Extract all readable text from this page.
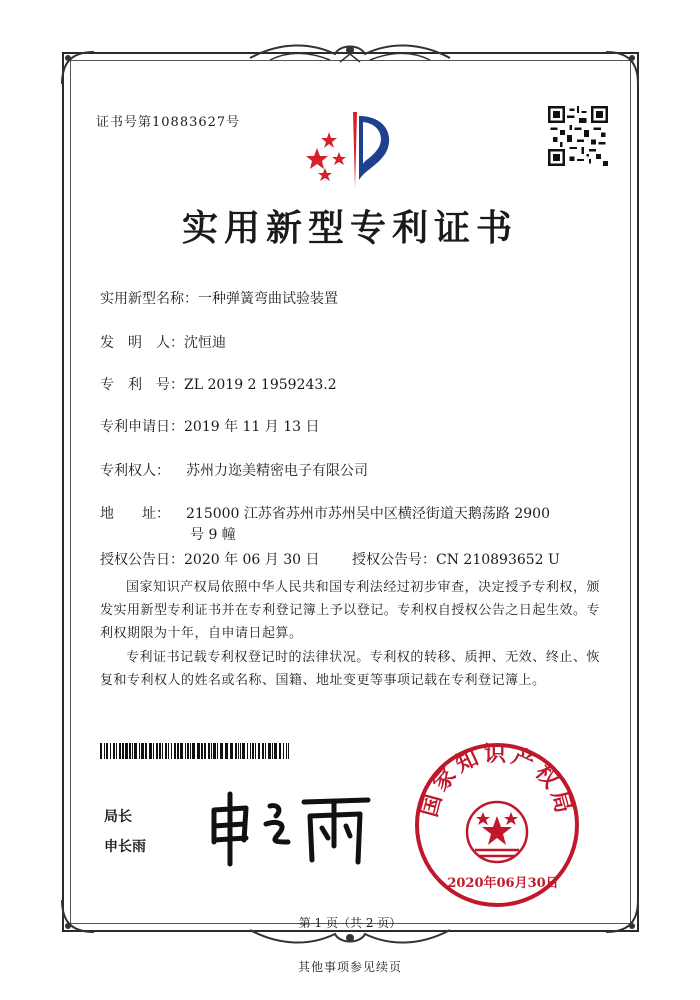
证书号第10883627号
实用新型专利证书
实用新型名称：一种弹簧弯曲试验装置
发　明　人：沈恒迪
专　利　号：ZL 2019 2 1959243.2
专利申请日：2019 年 11 月 13 日
专利权人： 苏州力迩美精密电子有限公司
地　　址： 215000 江苏省苏州市苏州吴中区横泾街道天鹅荡路 2900
号 9 幢
授权公告日：2020 年 06 月 30 日 授权公告号：CN 210893652 U
国家知识产权局依照中华人民共和国专利法经过初步审查，决定授予专利权，颁发实用新型专利证书并在专利登记簿上予以登记。专利权自授权公告之日起生效。专利权期限为十年，自申请日起算。
专利证书记载专利权登记时的法律状况。专利权的转移、质押、无效、终止、恢复和专利权人的姓名或名称、国籍、地址变更等事项记载在专利登记簿上。
局长
申长雨
国家知识产权局
2020年06月30日
第 1 页（共 2 页）
其他事项参见续页
